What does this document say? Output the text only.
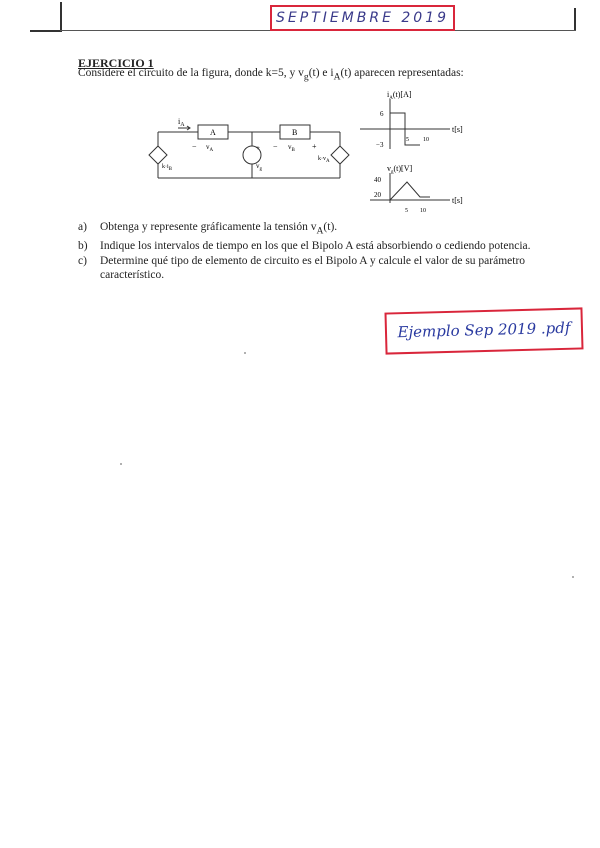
SEPTIEMBRE 2019
EJERCICIO 1
Considere el circuito de la figura, donde k=5, y $v_g(t)$ e $i_A(t)$ aparecen representadas:
$i_A$
A	B
− $v_A$	− $v_B$ +
+
$v_g$
$k\cdot i_B$
$k\cdot v_A$
$i_A(t)[A]$
6
−3
5 10
t[s]
$v_g(t)[V]$
40
20
5 10
t[s]
a) Obtenga y represente gráficamente la tensión $v_A(t)$.
b) Indique los intervalos de tiempo en los que el Bipolo A está absorbiendo o cediendo potencia.
c) Determine qué tipo de elemento de circuito es el Bipolo A y calcule el valor de su parámetro característico.
Ejemplo Sep 2019 .pdf
